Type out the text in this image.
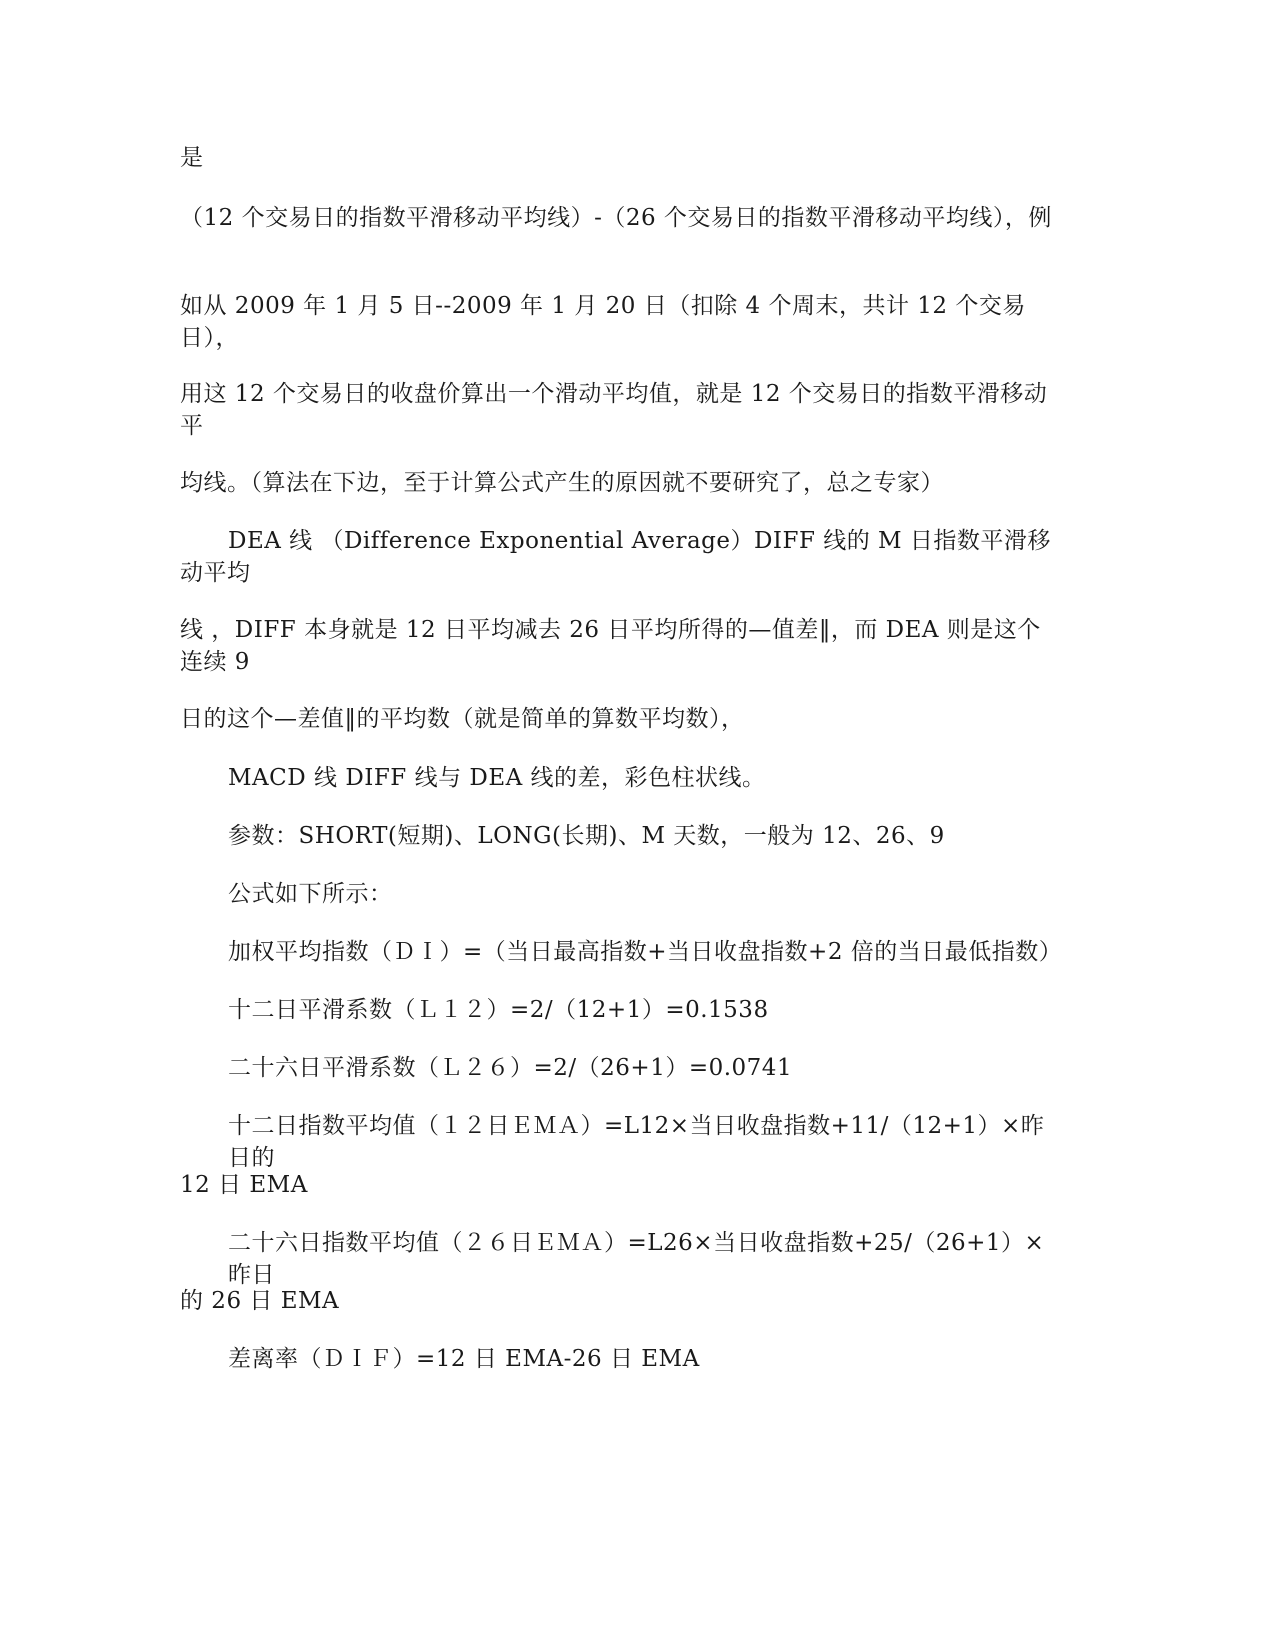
是
（12 个交易日的指数平滑移动平均线）-（26 个交易日的指数平滑移动平均线），例
如从 2009 年 1 月 5 日--2009 年 1 月 20 日（扣除 4 个周末，共计 12 个交易日），
用这 12 个交易日的收盘价算出一个滑动平均值，就是 12 个交易日的指数平滑移动平
均线。（算法在下边，至于计算公式产生的原因就不要研究了，总之专家）
DEA 线 （Difference Exponential Average）DIFF 线的 M 日指数平滑移动平均
线 ，DIFF 本身就是 12 日平均减去 26 日平均所得的—值差‖，而 DEA 则是这个连续 9
日的这个—差值‖的平均数（就是简单的算数平均数），
MACD 线 DIFF 线与 DEA 线的差，彩色柱状线。
参数：SHORT(短期)、LONG(长期)、M 天数，一般为 12、26、9
公式如下所示：
加权平均指数（ＤＩ）=（当日最高指数+当日收盘指数+2 倍的当日最低指数）
十二日平滑系数（Ｌ１２）=2/（12+1）=0.1538
二十六日平滑系数（Ｌ２６）=2/（26+1）=0.0741
十二日指数平均值（１２日ＥＭＡ）=L12×当日收盘指数+11/（12+1）×昨日的
12 日 EMA
二十六日指数平均值（２６日ＥＭＡ）=L26×当日收盘指数+25/（26+1）×昨日
的 26 日 EMA
差离率（ＤＩＦ）=12 日 EMA-26 日 EMA
